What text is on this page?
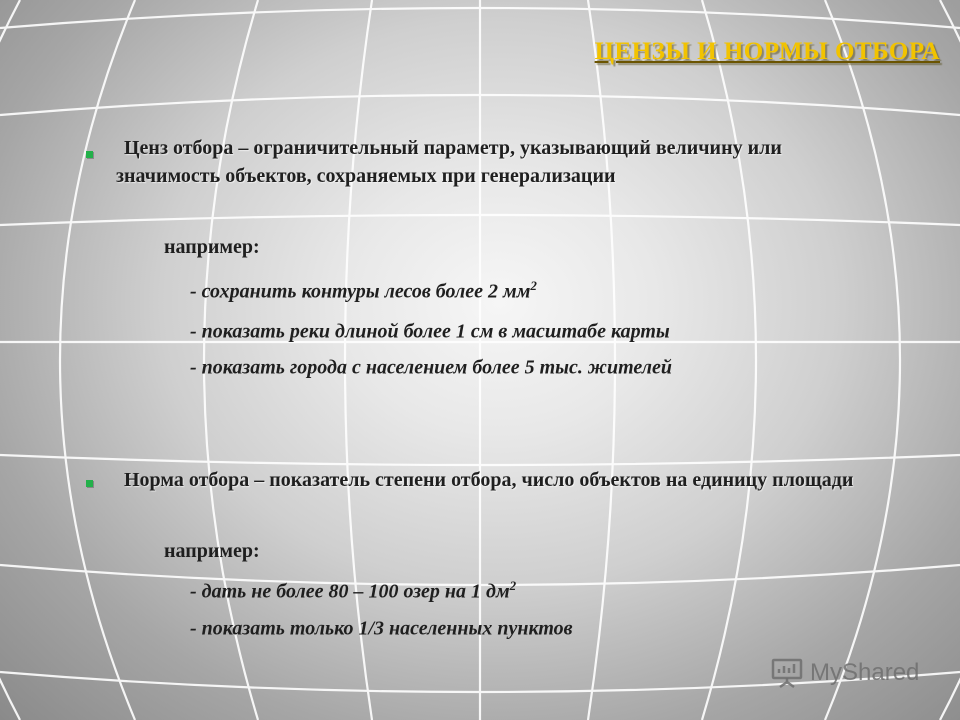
ЦЕНЗЫ И НОРМЫ ОТБОРА
Ценз отбора – ограничительный параметр, указывающий величину или значимость объектов, сохраняемых при генерализации
например:
- сохранить контуры лесов более 2 $мм^2$
- показать реки длиной более 1 см в масштабе карты
- показать города с населением более 5 тыс. жителей
Норма отбора – показатель степени отбора, число объектов на единицу площади
например:
- дать не более 80 – 100 озер на 1 $дм^2$
- показать только 1/3 населенных пунктов
MyShared
